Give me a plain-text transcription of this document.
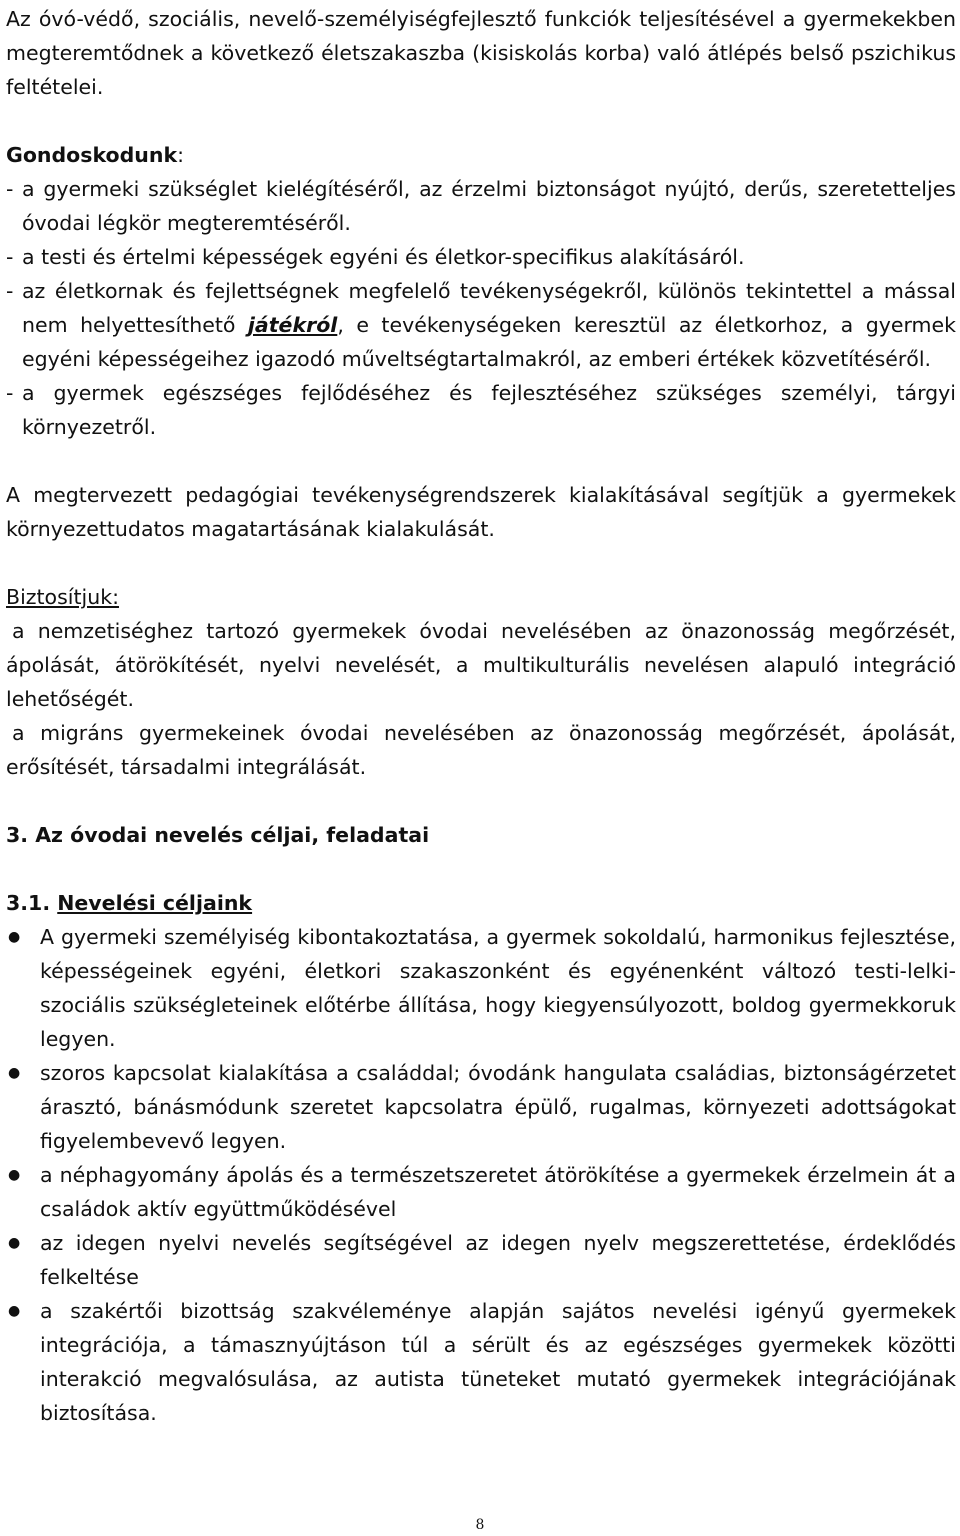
Az óvó-védő, szociális, nevelő-személyiségfejlesztő funkciók teljesítésével a gyermekekben megteremtődnek a következő életszakaszba (kisiskolás korba) való átlépés belső pszichikus feltételei.

Gondoskodunk:

- a gyermeki szükséglet kielégítéséről, az érzelmi biztonságot nyújtó, derűs, szeretetteljes óvodai légkör megteremtéséről.
- a testi és értelmi képességek egyéni és életkor-specifikus alakításáról.
- az életkornak és fejlettségnek megfelelő tevékenységekről, különös tekintettel a mással nem helyettesíthető játékról, e tevékenységeken keresztül az életkorhoz, a gyermek egyéni képességeihez igazodó műveltségtartalmakról, az emberi értékek közvetítéséről.
- a gyermek egészséges fejlődéséhez és fejlesztéséhez szükséges személyi, tárgyi környezetről.

A megtervezett pedagógiai tevékenységrendszerek kialakításával segítjük a gyermekek környezettudatos magatartásának kialakulását.

Biztosítjuk:

a nemzetiséghez tartozó gyermekek óvodai nevelésében az önazonosság megőrzését, ápolását, átörökítését, nyelvi nevelését, a multikulturális nevelésen alapuló integráció lehetőségét.

a migráns gyermekeinek óvodai nevelésében az önazonosság megőrzését, ápolását, erősítését, társadalmi integrálását.

3. Az óvodai nevelés céljai, feladatai

3.1. Nevelési céljaink

● A gyermeki személyiség kibontakoztatása, a gyermek sokoldalú, harmonikus fejlesztése, képességeinek egyéni, életkori szakaszonként és egyénenként változó testi-lelki-szociális szükségleteinek előtérbe állítása, hogy kiegyensúlyozott, boldog gyermekkoruk legyen.
● szoros kapcsolat kialakítása a családdal; óvodánk hangulata családias, biztonságérzetet árasztó, bánásmódunk szeretet kapcsolatra épülő, rugalmas, környezeti adottságokat figyelembevevő legyen.
● a néphagyomány ápolás és a természetszeretet átörökítése a gyermekek érzelmein át a családok aktív együttműködésével
● az idegen nyelvi nevelés segítségével az idegen nyelv megszerettetése, érdeklődés felkeltése
● a szakértői bizottság szakvéleménye alapján sajátos nevelési igényű gyermekek integrációja, a támasznyújtáson túl a sérült és az egészséges gyermekek közötti interakció megvalósulása, az autista tüneteket mutató gyermekek integrációjának biztosítása.
8
